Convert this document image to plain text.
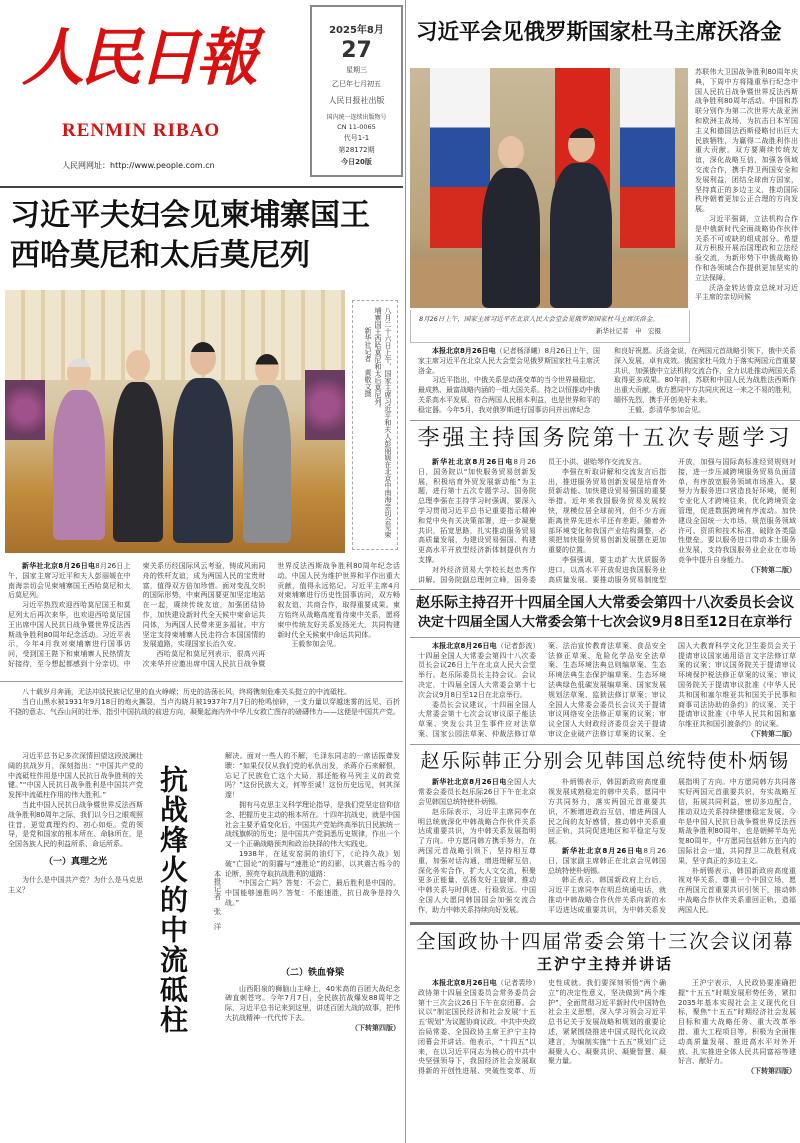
人民日報
RENMIN RIBAO
人民网网址：http://www.people.com.cn
2025年8月
27
星期三
乙巳年七月初五
人民日报社出版
国内统一连续出版物号
CN 11-0065
代号1-1
第28172期
今日20版
习近平会见俄罗斯国家杜马主席沃洛金
8月26日上午，国家主席习近平在北京人民大会堂会见俄罗斯国家杜马主席沃洛金。
新华社记者　申　宏摄

苏联伟大卫国战争胜利80周年庆典，下周中方将隆重举行纪念中国人民抗日战争暨世界反法西斯战争胜利80周年活动。中国和苏联分别作为第二次世界大战亚洲和欧洲主战场，为抗击日本军国主义和德国法西斯侵略付出巨大民族牺牲，为赢得二战胜利作出重大贡献。双方要赓续传统友谊，深化战略互信，加强各领域交流合作，携手捍卫两国安全和发展利益，团结全球南方国家，坚持真正的多边主义，推动国际秩序朝着更加公正合理的方向发展。

习近平强调，立法机构合作是中俄新时代全面战略协作伙伴关系不可或缺的组成部分。希望双方积极开展治国理政和立法经验交流，为新形势下中俄战略协作和各领域合作提供更加坚实的立法保障。

沃洛金转达普京总统对习近平主席的亲切问候

本报北京8月26日电（记者杨泽曦）8月26日上午，国家主席习近平在北京人民大会堂会见俄罗斯国家杜马主席沃洛金。

习近平指出，中俄关系是动荡变革的当今世界最稳定、最成熟、最富战略内涵的一组大国关系。持之以恒推动中俄关系高水平发展，符合两国人民根本利益，也是世界和平的稳定器。今年5月，我对俄罗斯进行国事访问并出席纪念

和良好祝愿。沃洛金说，在两国元首战略引领下，俄中关系深入发展，卓有成效。俄国家杜马致力于落实两国元首重要共识，加强俄中立法机构交流合作，全力以赴推动两国关系取得更多成果。80年前，苏联和中国人民为战胜法西斯作出重大贡献。俄方愿同中方共同庆祝这一来之不易的胜利，缅怀先烈，携手开创美好未来。

王毅、彭清华参加会见。

李强主持国务院第十五次专题学习

新华社北京8月26日电8月26日，国务院以“加快服务贸易创新发展，积极培育外贸发展新动能”为主题，进行第十五次专题学习。国务院总理李强在主持学习时强调，要深入学习贯彻习近平总书记重要指示精神和党中央有关决策部署，进一步凝聚共识，拓宽思路，扎实推动服务贸易高质量发展，为建设贸易强国、构建更高水平开放型经济新体制提供有力支撑。

对外经济贸易大学校长赵忠秀作讲解。国务院副总理何立峰，国务委员王小洪、谌贻琴作交流发言。

李强在听取讲解和交流发言后指出，推进服务贸易创新发展是培育外贸新动能、加快建设贸易强国的重要举措。近年来我国服务贸易发展较快，规模位居全球前列，但不少方面距离世界先进水平还有差距。随着外部环境变化和我国产业结构调整，必须把加快服务贸易创新发展摆在更加重要的位置。

李强强调，要主动扩大优质服务进口，以高水平开放促进我国服务业高质量发展。要推动服务贸易制度型开放，加强与国际高标准经贸规则对接，进一步压减跨境服务贸易负面清单，有序放宽服务领域市场准入。要努力为服务进口营造良好环境，便利专业化人才跨境往来，优化跨境资金管理，促进数据跨境有序流动。加快建设全国统一大市场，规范服务领域许可、资质和技术标准，破除各类隐性壁垒。要以服务进口带动本土服务业发展，支持我国服务业企业在市场竞争中提升自身能力。

（下转第二版）
赵乐际主持召开十四届全国人大常委会第四十八次委员长会议
决定十四届全国人大常委会第十七次会议9月8日至12日在京举行

本报北京8月26日电（记者彭波）十四届全国人大常委会第四十八次委员长会议26日上午在北京人民大会堂举行。赵乐际委员长主持会议。会议决定，十四届全国人大常委会第十七次会议9月8日至12日在北京举行。

委员长会议建议，十四届全国人大常委会第十七次会议审议原子能法草案、突发公共卫生事件应对法草案、国家公园法草案、仲裁法修订草案、法治宣传教育法草案、食品安全法修正草案、危险化学品安全法草案、生态环境法典总则编草案、生态环境法典生态保护编草案、生态环境法典绿色低碳发展编草案、国家发展规划法草案、监狱法修订草案；审议全国人大常委会委员长会议关于提请审议网络安全法修正草案的议案；审议全国人大财政经济委员会关于提请审议企业破产法修订草案的议案、全国人大教育科学文化卫生委员会关于提请审议国家通用语言文字法修订草案的议案；审议国务院关于提请审议环境保护税法修正草案的议案；审议国务院关于提请审议批准《中华人民共和国和塞尔维亚共和国关于民事和商事司法协助的条约》的议案、关于提请审议批准《中华人民共和国和塞尔维亚共和国引渡条约》的议案。

（下转第二版）
赵乐际韩正分别会见韩国总统特使朴炳锡

新华社北京8月26日电全国人大常委会委员长赵乐际26日下午在北京会见韩国总统特使朴炳锡。

赵乐际表示，习近平主席同李在明总统就深化中韩战略合作伙伴关系达成重要共识，为中韩关系发展指明了方向。中方愿同韩方携手努力，在两国元首战略引领下，坚持相互尊重，加强对话沟通，增进理解互信，深化务实合作，扩大人文交流，积聚更多正能量，弘扬友好主旋律，推动中韩关系与时俱进、行稳致远。中国全国人大愿同韩国国会加强交流合作，助力中韩关系持续向好发展。

朴炳锡表示，韩国新政府高度重视发展成熟稳定的韩中关系，愿同中方共同努力，落实两国元首重要共识，不断增进政治互信，增进两国人民之间的友好感情，推动韩中关系重回正轨，共同促进地区和平稳定与发展。

新华社北京8月26日电8月26日，国家副主席韩正在北京会见韩国总统特使朴炳锡。

韩正表示，韩国新政府上台后，习近平主席同李在明总统通电话，就推动中韩战略合作伙伴关系向新的水平迈进达成重要共识，为中韩关系发展指明了方向。中方愿同韩方共同落实好两国元首重要共识，夯实战略互信，拓展共同利益，密切多边配合，推动双边关系持续健康稳定发展。今年是中国人民抗日战争暨世界反法西斯战争胜利80周年，也是朝鲜半岛光复80周年，中方愿同包括韩方在内的国际社会一道，共同捍卫二战胜利成果，坚守真正的多边主义。

朴炳锡表示，韩国新政府高度重视对华关系，尊重一个中国立场，愿在两国元首重要共识引领下，推动韩中战略合作伙伴关系重回正轨，造福两国人民。

全国政协十四届常委会第十三次会议闭幕
王沪宁主持并讲话

本报北京8月26日电（记者裴珍）政协第十四届全国委员会常务委员会第十三次会议26日下午在京闭幕。会议以“制定国民经济和社会发展‘十五五’规划”为议题协商议政。中共中央政治局常委、全国政协主席王沪宁主持闭幕会并讲话。他表示，“十四五”以来，在以习近平同志为核心的中共中央坚强领导下，我国经济社会发展取得新的开创性进展、突破性变革、历史性成就。我们要深刻领悟“两个确立”的决定性意义，坚决做到“两个维护”，全面贯彻习近平新时代中国特色社会主义思想，深入学习领会习近平总书记关于发展战略和规划的重要论述，紧紧围绕推进中国式现代化议政建言，为编制实施“十五五”规划广泛凝聚人心、凝聚共识、凝聚智慧、凝聚力量。

王沪宁表示，人民政协要准确把握“十五五”时期发展形势任务，紧扣2035年基本实现社会主义现代化目标，聚焦“十五五”时期经济社会发展目标和重大战略任务、重大改革举措、重大工程项目等，积极为全面推动高质量发展、推进高水平对外开放、扎实推进全体人民共同富裕等建好言、献好力。

（下转第四版）
习近平夫妇会见柬埔寨国王
西哈莫尼和太后莫尼列
八月二十六日上午，国家主席习近平和夫人彭丽媛在北京中南海亲切会见柬埔寨国王西哈莫尼和太后莫尼列。
新华社记者　黄敬文摄

新华社北京8月26日电8月26日上午，国家主席习近平和夫人彭丽媛在中南海亲切会见柬埔寨国王西哈莫尼和太后莫尼列。

习近平热烈欢迎西哈莫尼国王和莫尼列太后再次来华，也欢迎西哈莫尼国王出席中国人民抗日战争暨世界反法西斯战争胜利80周年纪念活动。习近平表示，今年4月我对柬埔寨进行国事访问，受到国王陛下和柬埔寨人民热情友好接待，至今想起都感到十分亲切。中柬关系历经国际风云考验，铸成风雨同舟的铁杆友谊，成为两国人民的宝贵财富，值得双方倍加珍惜。面对变乱交织的国际形势，中柬两国要更加坚定地站在一起，赓续传统友谊，加强团结协作，加快建设新时代全天候中柬命运共同体，为两国人民带来更多福祉。中方坚定支持柬埔寨人民走符合本国国情的发展道路，实现国家长治久安。

西哈莫尼和莫尼列表示，很高兴再次来华并应邀出席中国人民抗日战争暨世界反法西斯战争胜利80周年纪念活动。中国人民为维护世界和平作出重大贡献，值得永远铭记。习近平主席4月对柬埔寨进行历史性国事访问，双方畅叙友谊、共商合作，取得重要成果。柬方始终从战略高度看待柬中关系，愿将柬中传统友好关系发扬光大，共同构建新时代全天候柬中命运共同体。

王毅参加会见。

八十载岁月奔涌，无法冲淡民族记忆里的血火峥嵘；历史的浩荡长风，终将镌刻危难关头挺立的中流砥柱。

当白山黑水被1931年9月18日的炮火撕裂，当卢沟晓月被1937年7月7日的枪鸣惊碎，一支力量以穿越迷雾的远见、百折不挠的意志、气吞山河的壮举，指引中国抗战的前进方向，凝聚起海内外中华儿女救亡图存的磅礴伟力——这便是中国共产党。

习近平总书记多次深情回望这段波澜壮阔的抗战岁月，深刻指出：“中国共产党的中流砥柱作用是中国人民抗日战争胜利的关键。”“中国人民抗日战争胜利是中国共产党发挥中流砥柱作用的伟大胜利。”

当此中国人民抗日战争暨世界反法西斯战争胜利80周年之际，我们以今日之眼观照往昔，更觉真理灼灼、初心如炬。党的领导，是党和国家的根本所在、命脉所在，是全国各族人民的利益所系、命运所系。

（一）真理之光

为什么是中国共产党？为什么是马克思主义？	抗战烽火的中流砥柱	本报记者　张　洋

解决。面对一些人的不解，毛泽东同志的一席话振聋发聩：“如果仅仅从我们党的私仇出发，杀蒋介石来解恨，忘记了民族危亡这个大局，那还能称马列主义的政党吗？”这份民族大义，何等至诚！这份历史远见，何其深邃！

拥有马克思主义科学理论指导，是我们党坚定信仰信念、把握历史主动的根本所在。十四年抗战史，就是中国社会主要矛盾变化后，中国共产党始终高举抗日民族统一战线旗帜的历史；是中国共产党洞悉历史规律，作出一个又一个正确战略预判和政治抉择的伟大实践史。

1938年，在延安窑洞的油灯下，《论持久战》划破“亡国论”的阴霾与“速胜论”的幻影，以其震古烁今的论断，照亮夺取抗战胜利的道路：

“中国会亡吗？答复：不会亡，最后胜利是中国的。中国能够速胜吗？答复：不能速胜，抗日战争是持久战。”

（二）铁血脊梁

山西阳泉的狮脑山主峰上，40米高的百团大战纪念碑直刺苍穹。今年7月7日，全民族抗战爆发88周年之际，习近平总书记来到这里，讲述百团大战的故事，把伟大抗战精神一代代传下去。

（下转第四版）
